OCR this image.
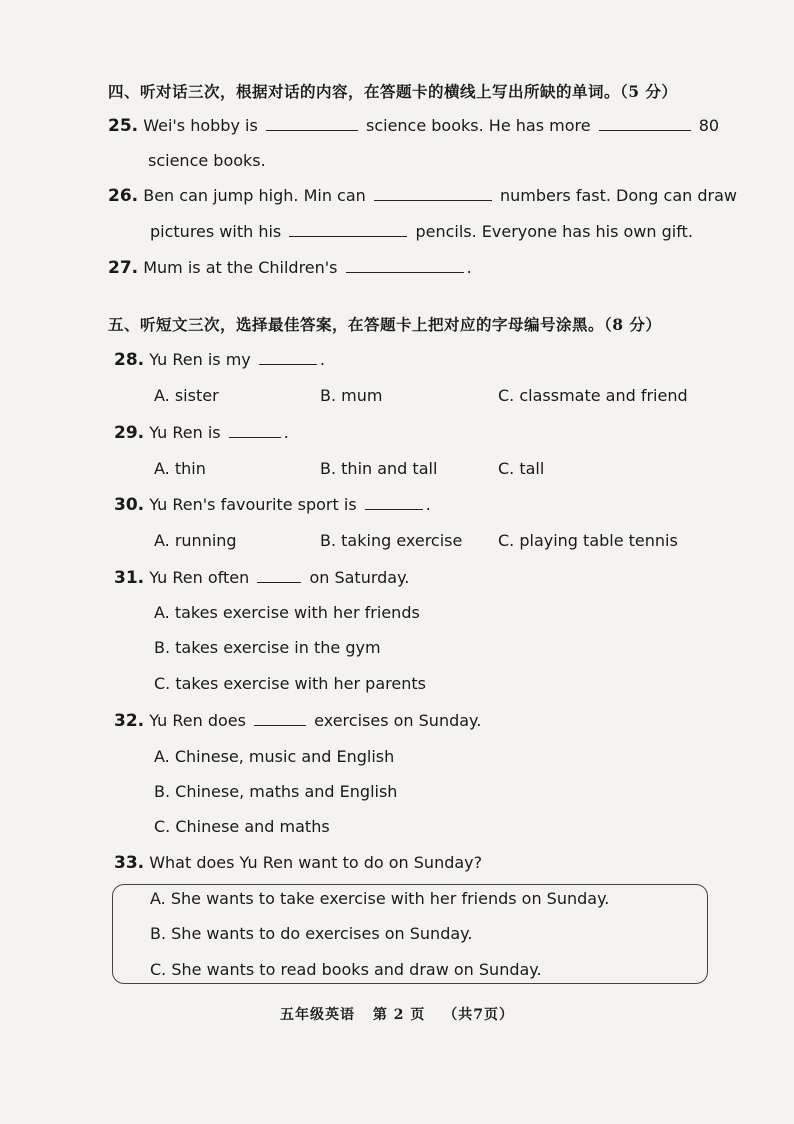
四、听对话三次，根据对话的内容，在答题卡的横线上写出所缺的单词。（5 分）
25. Wei's hobby is	science books. He has more	80
science books.
26. Ben can jump high. Min can	numbers fast. Dong can draw
pictures with his	pencils. Everyone has his own gift.
27. Mum is at the Children's	.
五、听短文三次，选择最佳答案，在答题卡上把对应的字母编号涂黑。（8 分）
28. Yu Ren is my	.
A. sister	B. mum	C. classmate and friend
29. Yu Ren is	.
A. thin	B. thin and tall	C. tall
30. Yu Ren's favourite sport is	.
A. running	B. taking exercise C. playing table tennis
31. Yu Ren often	on Saturday.
A. takes exercise with her friends
B. takes exercise in the gym
C. takes exercise with her parents
32. Yu Ren does	exercises on Sunday.
A. Chinese, music and English
B. Chinese, maths and English
C. Chinese and maths
33. What does Yu Ren want to do on Sunday?
A. She wants to take exercise with her friends on Sunday.
B. She wants to do exercises on Sunday.
C. She wants to read books and draw on Sunday.
五年级英语 第 2 页 （共7页）
